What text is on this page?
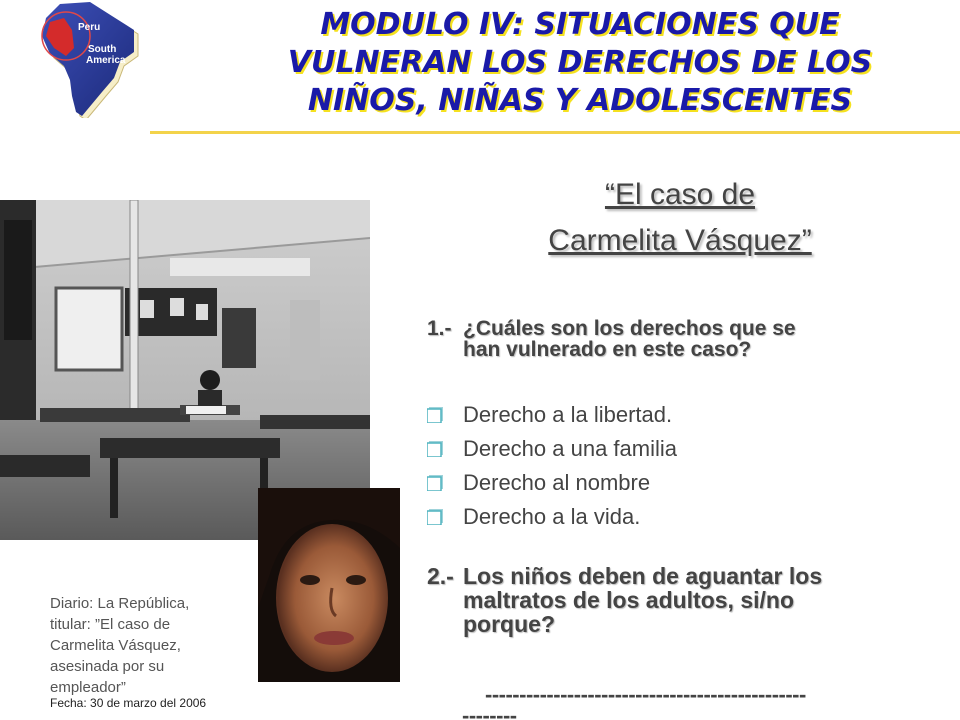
Peru
South
America
MODULO IV: SITUACIONES QUE
VULNERAN LOS DERECHOS DE LOS
NIÑOS, NIÑAS Y ADOLESCENTES
Diario: La República,
titular: ”El caso de
Carmelita Vásquez,
asesinada por su
empleador”
Fecha: 30 de marzo del 2006
“El caso de
Carmelita Vásquez”
1.- ¿Cuáles son los derechos que se
han vulnerado en este caso?
Derecho a la libertad.
Derecho a una familia
Derecho al nombre
Derecho a la vida.
2.- Los niños deben de aguantar los
maltratos de los adultos, si/no
porque?
-----------------------------------------------
--------
